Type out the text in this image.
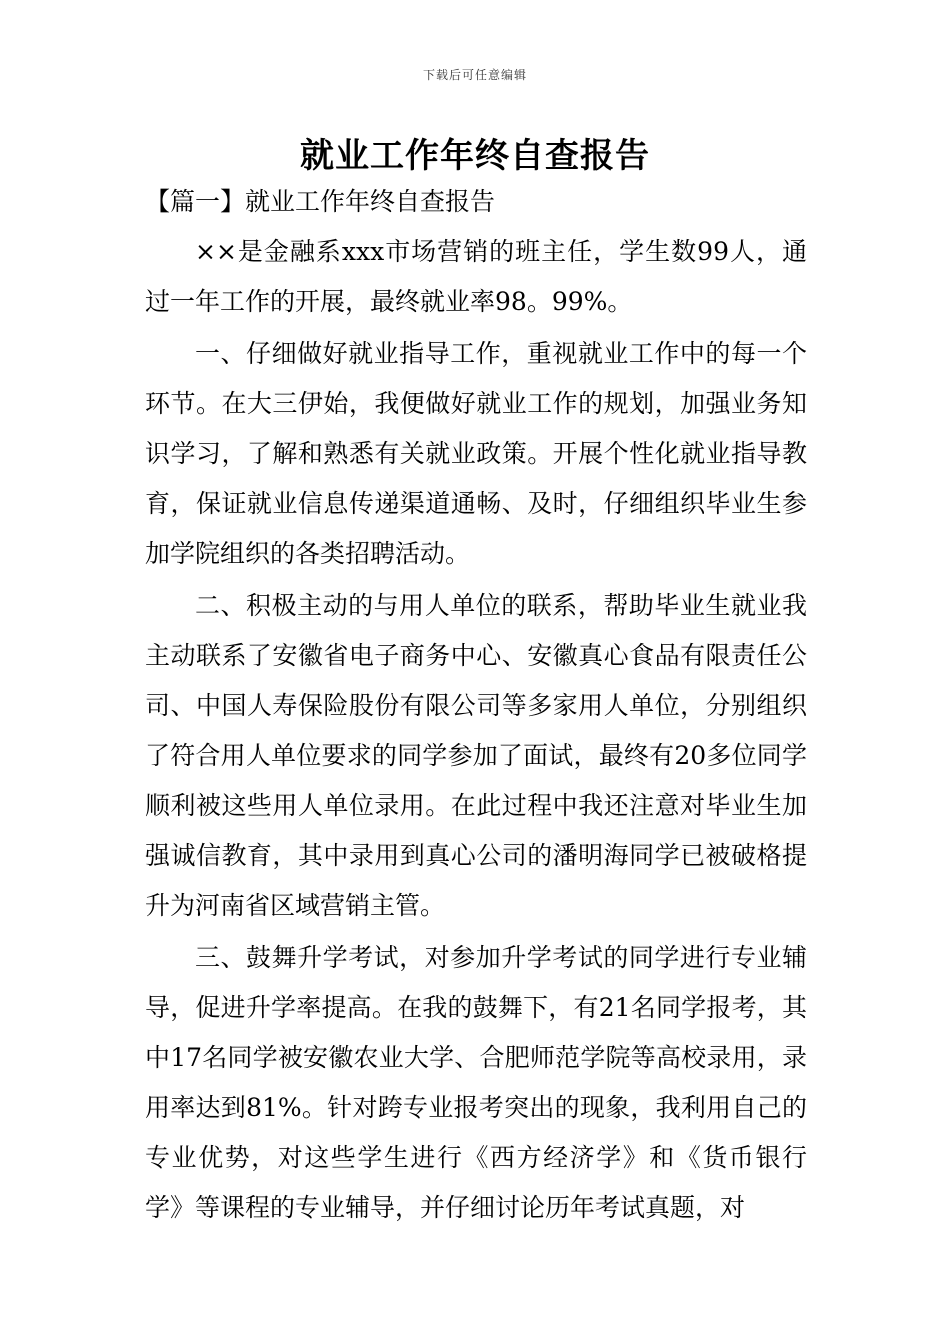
下载后可任意编辑
就业工作年终自查报告
【篇一】就业工作年终自查报告

××是金融系xxx市场营销的班主任，学生数99人，通过一年工作的开展，最终就业率98。99%。

一、仔细做好就业指导工作，重视就业工作中的每一个环节。在大三伊始，我便做好就业工作的规划，加强业务知识学习，了解和熟悉有关就业政策。开展个性化就业指导教育，保证就业信息传递渠道通畅、及时，仔细组织毕业生参加学院组织的各类招聘活动。

二、积极主动的与用人单位的联系，帮助毕业生就业我主动联系了安徽省电子商务中心、安徽真心食品有限责任公司、中国人寿保险股份有限公司等多家用人单位，分别组织了符合用人单位要求的同学参加了面试，最终有20多位同学顺利被这些用人单位录用。在此过程中我还注意对毕业生加强诚信教育，其中录用到真心公司的潘明海同学已被破格提升为河南省区域营销主管。

三、鼓舞升学考试，对参加升学考试的同学进行专业辅导，促进升学率提高。在我的鼓舞下，有21名同学报考，其中17名同学被安徽农业大学、合肥师范学院等高校录用，录用率达到81%。针对跨专业报考突出的现象，我利用自己的专业优势，对这些学生进行《西方经济学》和《货币银行学》等课程的专业辅导，并仔细讨论历年考试真题，对
